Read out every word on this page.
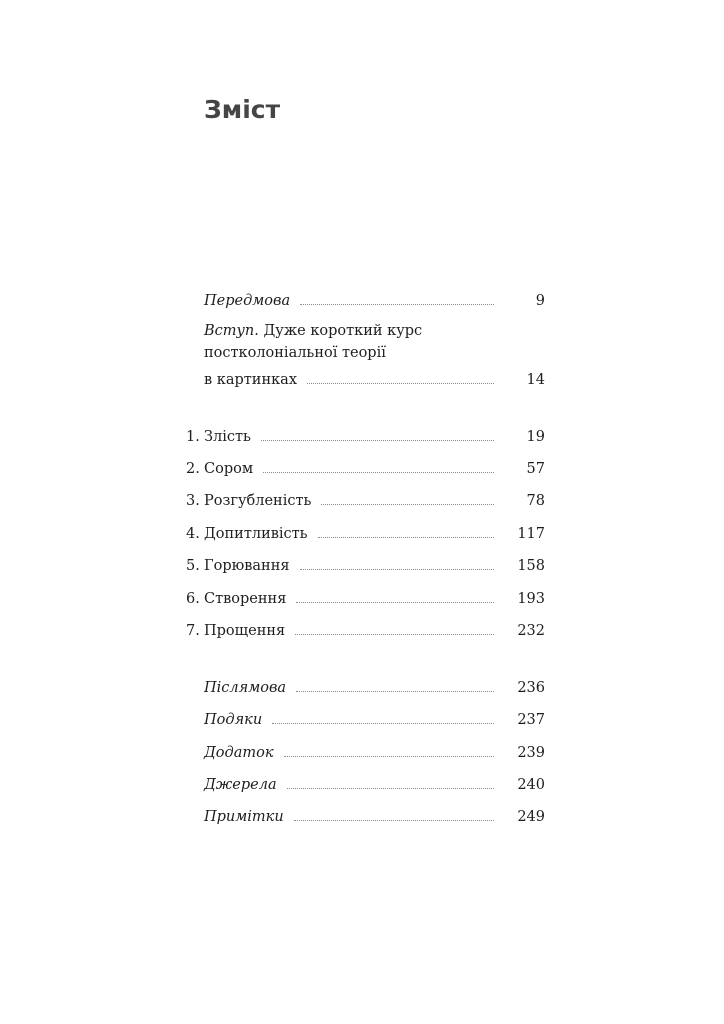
Зміст
Передмова	9
Вступ. Дуже короткий курс
постколоніальної теорії
в картинках	14
1. Злість	19
2. Сором	57
3. Розгубленість	78
4. Допитливість	117
5. Горювання	158
6. Створення	193
7. Прощення	232
Післямова	236
Подяки	237
Додаток	239
Джерела	240
Примітки	249
